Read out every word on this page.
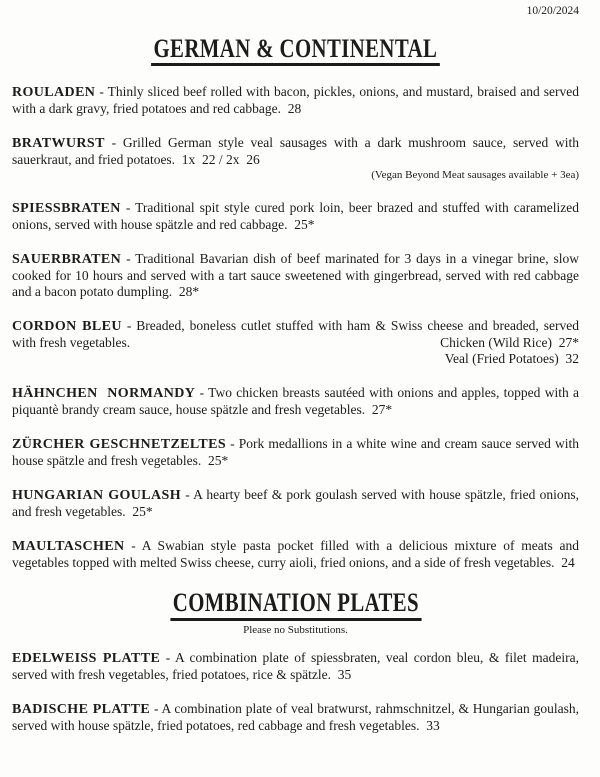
10/20/2024
GERMAN & CONTINENTAL
ROULADEN - Thinly sliced beef rolled with bacon, pickles, onions, and mustard, braised and served with a dark gravy, fried potatoes and red cabbage.  28
BRATWURST - Grilled German style veal sausages with a dark mushroom sauce, served with sauerkraut, and fried potatoes.  1x  22 / 2x  26
(Vegan Beyond Meat sausages available + 3ea)
SPIESSBRATEN - Traditional spit style cured pork loin, beer brazed and stuffed with caramelized onions, served with house spätzle and red cabbage.  25*
SAUERBRATEN - Traditional Bavarian dish of beef marinated for 3 days in a vinegar brine, slow cooked for 10 hours and served with a tart sauce sweetened with gingerbread, served with red cabbage and a bacon potato dumpling.  28*
CORDON BLEU - Breaded, boneless cutlet stuffed with ham & Swiss cheese and breaded, served with fresh vegetables.	Chicken (Wild Rice)  27*
Veal (Fried Potatoes)  32
HÄHNCHEN  NORMANDY - Two chicken breasts sautéed with onions and apples, topped with a piquantè brandy cream sauce, house spätzle and fresh vegetables.  27*
ZÜRCHER GESCHNETZELTES - Pork medallions in a white wine and cream sauce served with house spätzle and fresh vegetables.  25*
HUNGARIAN GOULASH - A hearty beef & pork goulash served with house spätzle, fried onions, and fresh vegetables.  25*
MAULTASCHEN - A Swabian style pasta pocket filled with a delicious mixture of meats and vegetables topped with melted Swiss cheese, curry aioli, fried onions, and a side of fresh vegetables.  24
COMBINATION PLATES
Please no Substitutions.
EDELWEISS PLATTE - A combination plate of spiessbraten, veal cordon bleu, & filet madeira, served with fresh vegetables, fried potatoes, rice & spätzle.  35
BADISCHE PLATTE - A combination plate of veal bratwurst, rahmschnitzel, & Hungarian goulash, served with house spätzle, fried potatoes, red cabbage and fresh vegetables.  33
